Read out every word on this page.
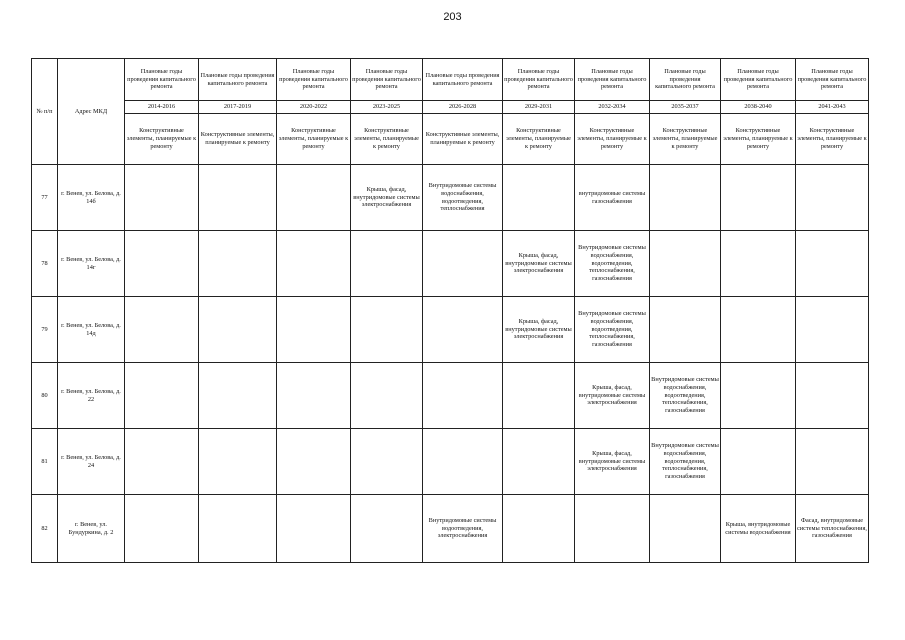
203
№ п/п	Адрес МКД	Плановые годы проведения капитального ремонта	Плановые годы проведения капитального ремонта	Плановые годы проведения капитального ремонта	Плановые годы проведения капитального ремонта	Плановые годы проведения капитального ремонта	Плановые годы проведения капитального ремонта	Плановые годы проведения капитального ремонта	Плановые годы проведения капитального ремонта	Плановые годы проведения капитального ремонта	Плановые годы проведения капитального ремонта
		2014-2016	2017-2019	2020-2022	2023-2025	2026-2028	2029-2031	2032-2034	2035-2037	2038-2040	2041-2043
		Конструктивные элементы, планируемые к ремонту	Конструктивные элементы, планируемые к ремонту	Конструктивные элементы, планируемые к ремонту	Конструктивные элементы, планируемые к ремонту	Конструктивные элементы, планируемые к ремонту	Конструктивные элементы, планируемые к ремонту	Конструктивные элементы, планируемые к ремонту	Конструктивные элементы, планируемые к ремонту	Конструктивные элементы, планируемые к ремонту	Конструктивные элементы, планируемые к ремонту
77	г. Венев, ул. Белова, д. 14б				Крыша, фасад, внутридомовые системы электроснабжения	Внутридомовые системы водоснабжения, водоотведения, теплоснабжения		внутридомовые системы газоснабжения			
78	г. Венев, ул. Белова, д. 14г						Крыша, фасад, внутридомовые системы электроснабжения	Внутридомовые системы водоснабжения, водоотведения, теплоснабжения, газоснабжения			
79	г. Венев, ул. Белова, д. 14д						Крыша, фасад, внутридомовые системы электроснабжения	Внутридомовые системы водоснабжения, водоотведения, теплоснабжения, газоснабжения			
80	г. Венев, ул. Белова, д. 22							Крыша, фасад, внутридомовые системы электроснабжения	Внутридомовые системы водоснабжения, водоотведения, теплоснабжения, газоснабжения		
81	г. Венев, ул. Белова, д. 24							Крыша, фасад, внутридомовые системы электроснабжения	Внутридомовые системы водоснабжения, водоотведения, теплоснабжения, газоснабжения		
82	г. Венев, ул. Бундуркина, д. 2					Внутридомовые системы водоотведения, электроснабжения				Крыша, внутридомовые системы водоснабжения	Фасад, внутридомовые системы теплоснабжения, газоснабжения
